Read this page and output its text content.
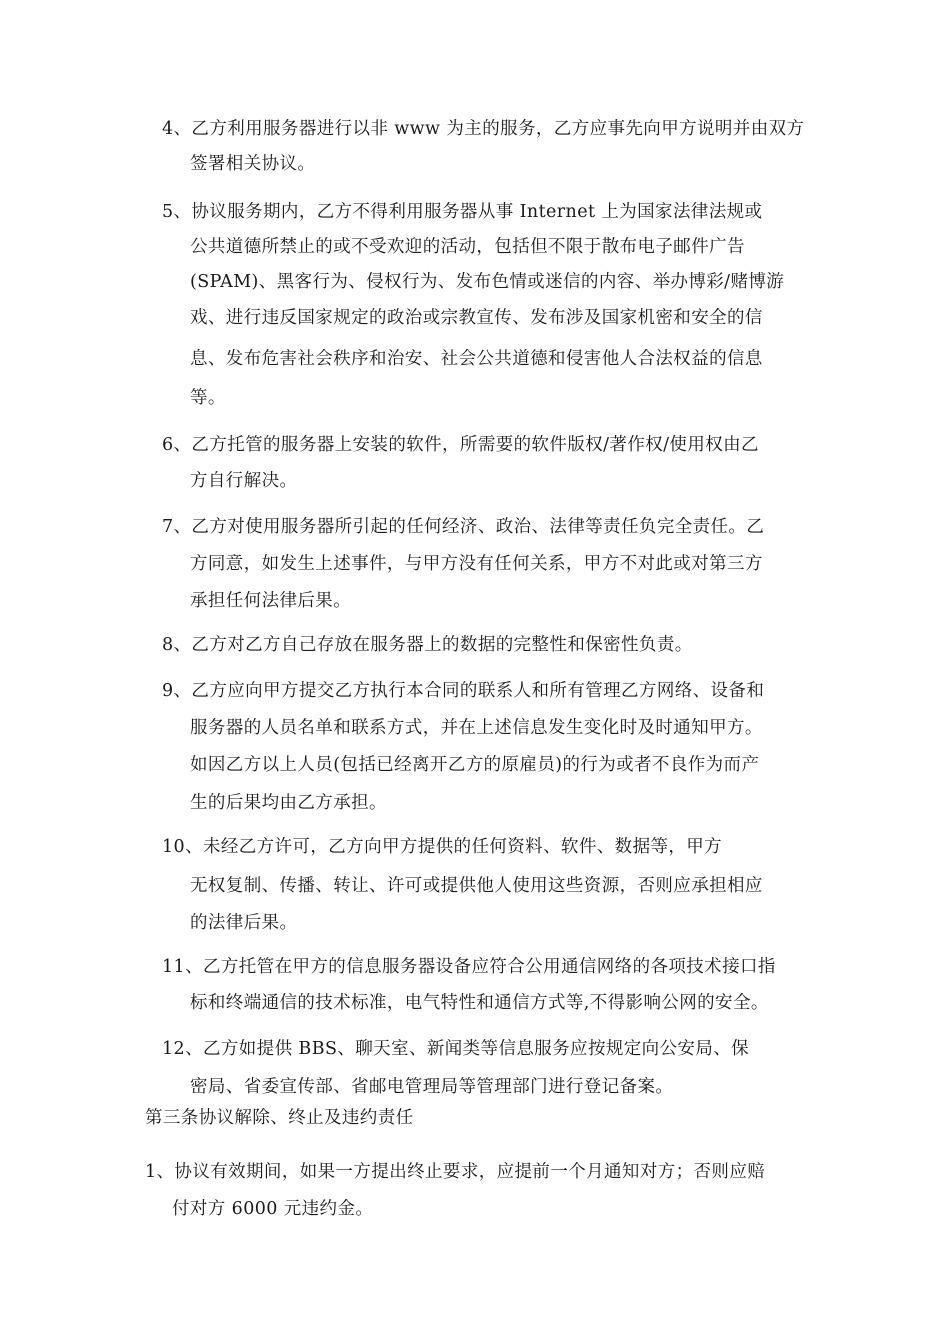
4、乙方利用服务器进行以非 www 为主的服务，乙方应事先向甲方说明并由双方
签署相关协议。
5、协议服务期内，乙方不得利用服务器从事 Internet 上为国家法律法规或
公共道德所禁止的或不受欢迎的活动，包括但不限于散布电子邮件广告
(SPAM)、黑客行为、侵权行为、发布色情或迷信的内容、举办博彩/赌博游
戏、进行违反国家规定的政治或宗教宣传、发布涉及国家机密和安全的信
息、发布危害社会秩序和治安、社会公共道德和侵害他人合法权益的信息
等。
6、乙方托管的服务器上安装的软件，所需要的软件版权/著作权/使用权由乙
方自行解决。
7、乙方对使用服务器所引起的任何经济、政治、法律等责任负完全责任。乙
方同意，如发生上述事件，与甲方没有任何关系，甲方不对此或对第三方
承担任何法律后果。
8、乙方对乙方自己存放在服务器上的数据的完整性和保密性负责。
9、乙方应向甲方提交乙方执行本合同的联系人和所有管理乙方网络、设备和
服务器的人员名单和联系方式，并在上述信息发生变化时及时通知甲方。
如因乙方以上人员(包括已经离开乙方的原雇员)的行为或者不良作为而产
生的后果均由乙方承担。
10、未经乙方许可，乙方向甲方提供的任何资料、软件、数据等，甲方
无权复制、传播、转让、许可或提供他人使用这些资源，否则应承担相应
的法律后果。
11、乙方托管在甲方的信息服务器设备应符合公用通信网络的各项技术接口指
标和终端通信的技术标准，电气特性和通信方式等,不得影响公网的安全。
12、乙方如提供 BBS、聊天室、新闻类等信息服务应按规定向公安局、保
密局、省委宣传部、省邮电管理局等管理部门进行登记备案。
第三条协议解除、终止及违约责任
1、协议有效期间，如果一方提出终止要求，应提前一个月通知对方；否则应赔
付对方 6000 元违约金。
